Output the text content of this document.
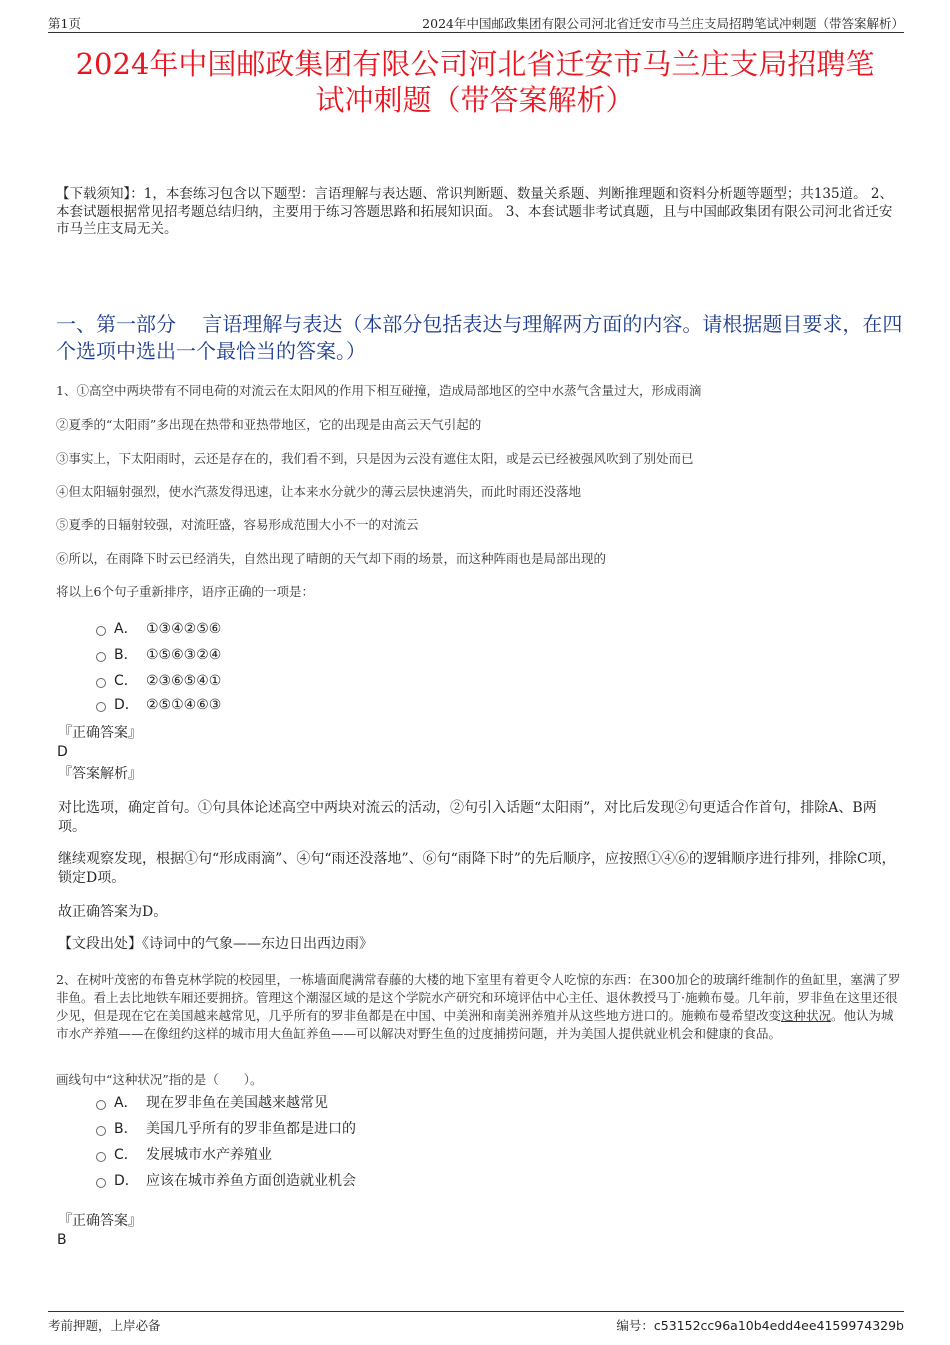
第1页	2024年中国邮政集团有限公司河北省迁安市马兰庄支局招聘笔试冲刺题（带答案解析）
2024年中国邮政集团有限公司河北省迁安市马兰庄支局招聘笔
试冲刺题（带答案解析）
【下载须知】：1，本套练习包含以下题型：言语理解与表达题、常识判断题、数量关系题、判断推理题和资料分析题等题型；共135道。 2、本套试题根据常见招考题总结归纳，主要用于练习答题思路和拓展知识面。 3、本套试题非考试真题，且与中国邮政集团有限公司河北省迁安市马兰庄支局无关。
一、第一部分　 言语理解与表达（本部分包括表达与理解两方面的内容。请根据题目要求，在四个选项中选出一个最恰当的答案。）
1、①高空中两块带有不同电荷的对流云在太阳风的作用下相互碰撞，造成局部地区的空中水蒸气含量过大，形成雨滴
②夏季的“太阳雨”多出现在热带和亚热带地区，它的出现是由高云天气引起的
③事实上，下太阳雨时，云还是存在的，我们看不到，只是因为云没有遮住太阳，或是云已经被强风吹到了别处而已
④但太阳辐射强烈，使水汽蒸发得迅速，让本来水分就少的薄云层快速消失，而此时雨还没落地
⑤夏季的日辐射较强，对流旺盛，容易形成范围大小不一的对流云
⑥所以，在雨降下时云已经消失，自然出现了晴朗的天气却下雨的场景，而这种阵雨也是局部出现的
将以上6个句子重新排序，语序正确的一项是：
A． ①③④②⑤⑥
B． ①⑤⑥③②④
C． ②③⑥⑤④①
D． ②⑤①④⑥③
『正确答案』
D
『答案解析』
对比选项，确定首句。①句具体论述高空中两块对流云的活动，②句引入话题“太阳雨”，对比后发现②句更适合作首句，排除A、B两项。
继续观察发现，根据①句“形成雨滴”、④句“雨还没落地”、⑥句“雨降下时”的先后顺序，应按照①④⑥的逻辑顺序进行排列，排除C项，锁定D项。
故正确答案为D。
【文段出处】《诗词中的气象——东边日出西边雨》
2、在树叶茂密的布鲁克林学院的校园里，一栋墙面爬满常春藤的大楼的地下室里有着更令人吃惊的东西：在300加仑的玻璃纤维制作的鱼缸里，塞满了罗非鱼。看上去比地铁车厢还要拥挤。管理这个潮湿区域的是这个学院水产研究和环境评估中心主任、退休教授马丁·施赖布曼。几年前，罗非鱼在这里还很少见，但是现在它在美国越来越常见，几乎所有的罗非鱼都是在中国、中美洲和南美洲养殖并从这些地方进口的。施赖布曼希望改变这种状况。他认为城市水产养殖——在像纽约这样的城市用大鱼缸养鱼——可以解决对野生鱼的过度捕捞问题，并为美国人提供就业机会和健康的食品。
画线句中“这种状况”指的是（　　）。
A． 现在罗非鱼在美国越来越常见
B． 美国几乎所有的罗非鱼都是进口的
C． 发展城市水产养殖业
D． 应该在城市养鱼方面创造就业机会
『正确答案』
B
考前押题，上岸必备	编号：c53152cc96a10b4edd4ee4159974329b
